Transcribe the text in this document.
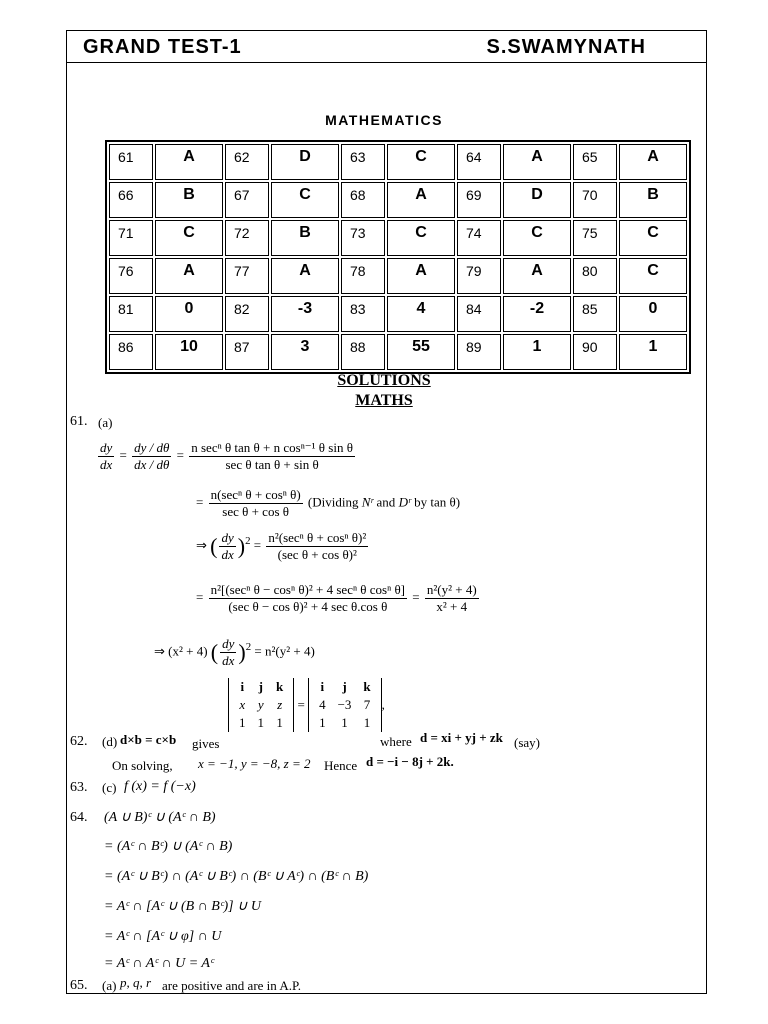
GRAND TEST-1	S.SWAMYNATH
MATHEMATICS
61	A	62	D	63	C	64	A	65	A
66	B	67	C	68	A	69	D	70	B
71	C	72	B	73	C	74	C	75	C
76	A	77	A	78	A	79	A	80	C
81	0	82	-3	83	4	84	-2	85	0
86	10	87	3	88	55	89	1	90	1
SOLUTIONS
MATHS
61. (a)
$\frac{dy}{dx} = \frac{dy / d\theta}{dx / d\theta} = \frac{\text{n secⁿ θ tan θ + n cosⁿ⁻¹ θ sin θ}}{\text{sec θ tan θ + sin θ}}$
= $\frac{\text{n(secⁿ θ + cosⁿ θ)}}{\text{sec θ + cos θ}}$ (Dividing Nʳ and Dʳ by tan θ)
⇒ ( $\frac{dy}{dx} )^2 = \frac{\text{n²(secⁿ θ + cosⁿ θ)²}}{\text{(sec θ + cos θ)²}}$
= $\frac{\text{n²[(secⁿ θ − cosⁿ θ)² + 4 secⁿ θ cosⁿ θ]}}{\text{(sec θ − cos θ)² + 4 sec θ.cos θ}} = \frac{\text{n²(y² + 4)}}{\text{x² + 4}}$
⇒ (x² + 4) ( $\frac{dy}{dx} )^2 = n^2(y^2 + 4)$
62. (d) d×b = c×b gives
i	j	k
x	y	z
1	1	1
=
i	j	k
4	−3	7
1	1	1
,
where d = xi + yj + zk (say)
On solving, x = −1, y = −8, z = 2 Hence d = −i − 8j + 2k.
63. (c) f (x) = f (−x)
64. (A ∪ B)ᶜ ∪ (Aᶜ ∩ B)
= (Aᶜ ∩ Bᶜ) ∪ (Aᶜ ∩ B)
= (Aᶜ ∪ Bᶜ) ∩ (Aᶜ ∪ Bᶜ) ∩ (Bᶜ ∪ Aᶜ) ∩ (Bᶜ ∩ B)
= Aᶜ ∩ [Aᶜ ∪ (B ∩ Bᶜ)] ∪ U
= Aᶜ ∩ [Aᶜ ∪ φ] ∩ U
= Aᶜ ∩ Aᶜ ∩ U = Aᶜ
65. (a) p, q, r are positive and are in A.P.
